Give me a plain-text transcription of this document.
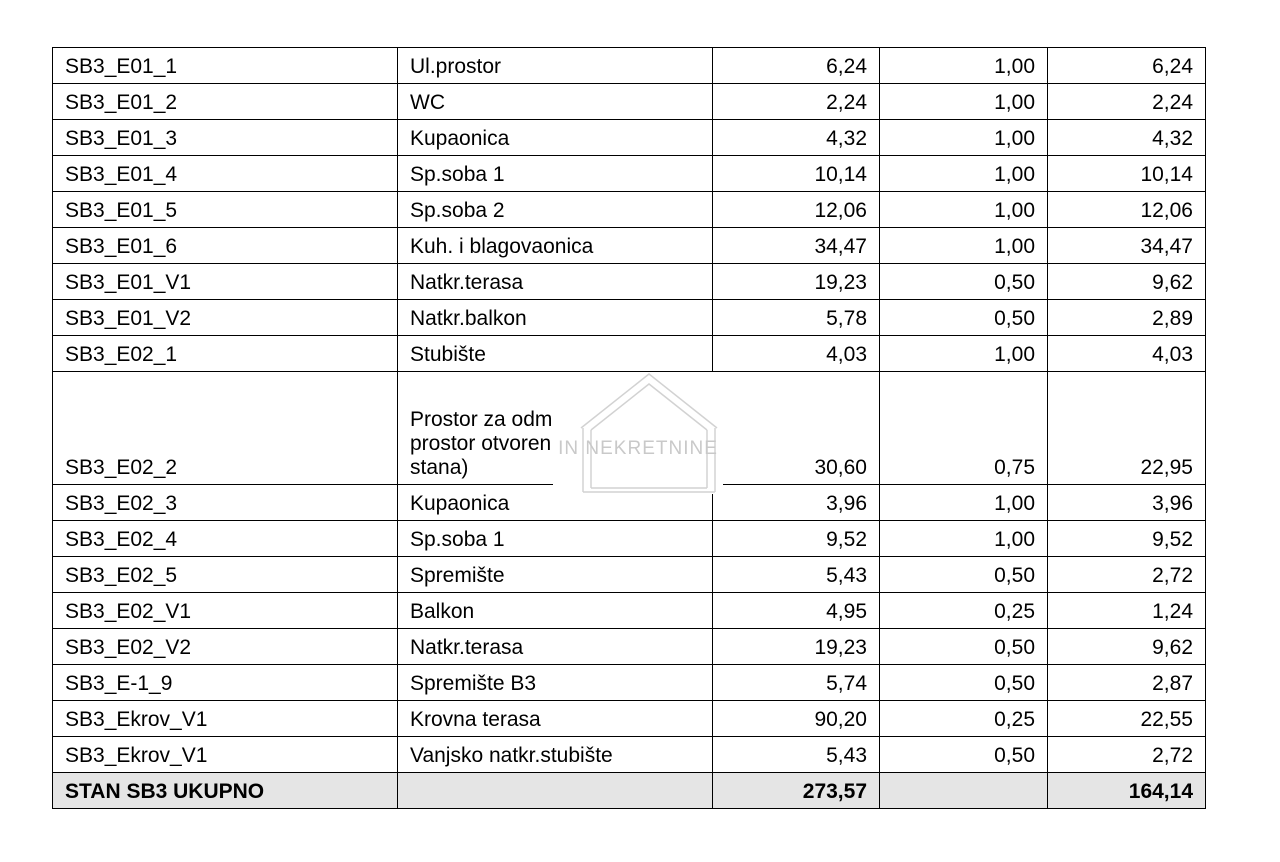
SB3_E01_1	Ul.prostor	6,24	1,00	6,24
SB3_E01_2	WC	2,24	1,00	2,24
SB3_E01_3	Kupaonica	4,32	1,00	4,32
SB3_E01_4	Sp.soba 1	10,14	1,00	10,14
SB3_E01_5	Sp.soba 2	12,06	1,00	12,06
SB3_E01_6	Kuh. i blagovaonica	34,47	1,00	34,47
SB3_E01_V1	Natkr.terasa	19,23	0,50	9,62
SB3_E01_V2	Natkr.balkon	5,78	0,50	2,89
SB3_E02_1	Stubište	4,03	1,00	4,03
SB3_E02_2	Prostor za odm
prostor otvoren
stana)	30,60	0,75	22,95
SB3_E02_3	Kupaonica	3,96	1,00	3,96
SB3_E02_4	Sp.soba 1	9,52	1,00	9,52
SB3_E02_5	Spremište	5,43	0,50	2,72
SB3_E02_V1	Balkon	4,95	0,25	1,24
SB3_E02_V2	Natkr.terasa	19,23	0,50	9,62
SB3_E-1_9	Spremište B3	5,74	0,50	2,87
SB3_Ekrov_V1	Krovna terasa	90,20	0,25	22,55
SB3_Ekrov_V1	Vanjsko natkr.stubište	5,43	0,50	2,72
STAN SB3 UKUPNO		273,57		164,14
IN NEKRETNINE
